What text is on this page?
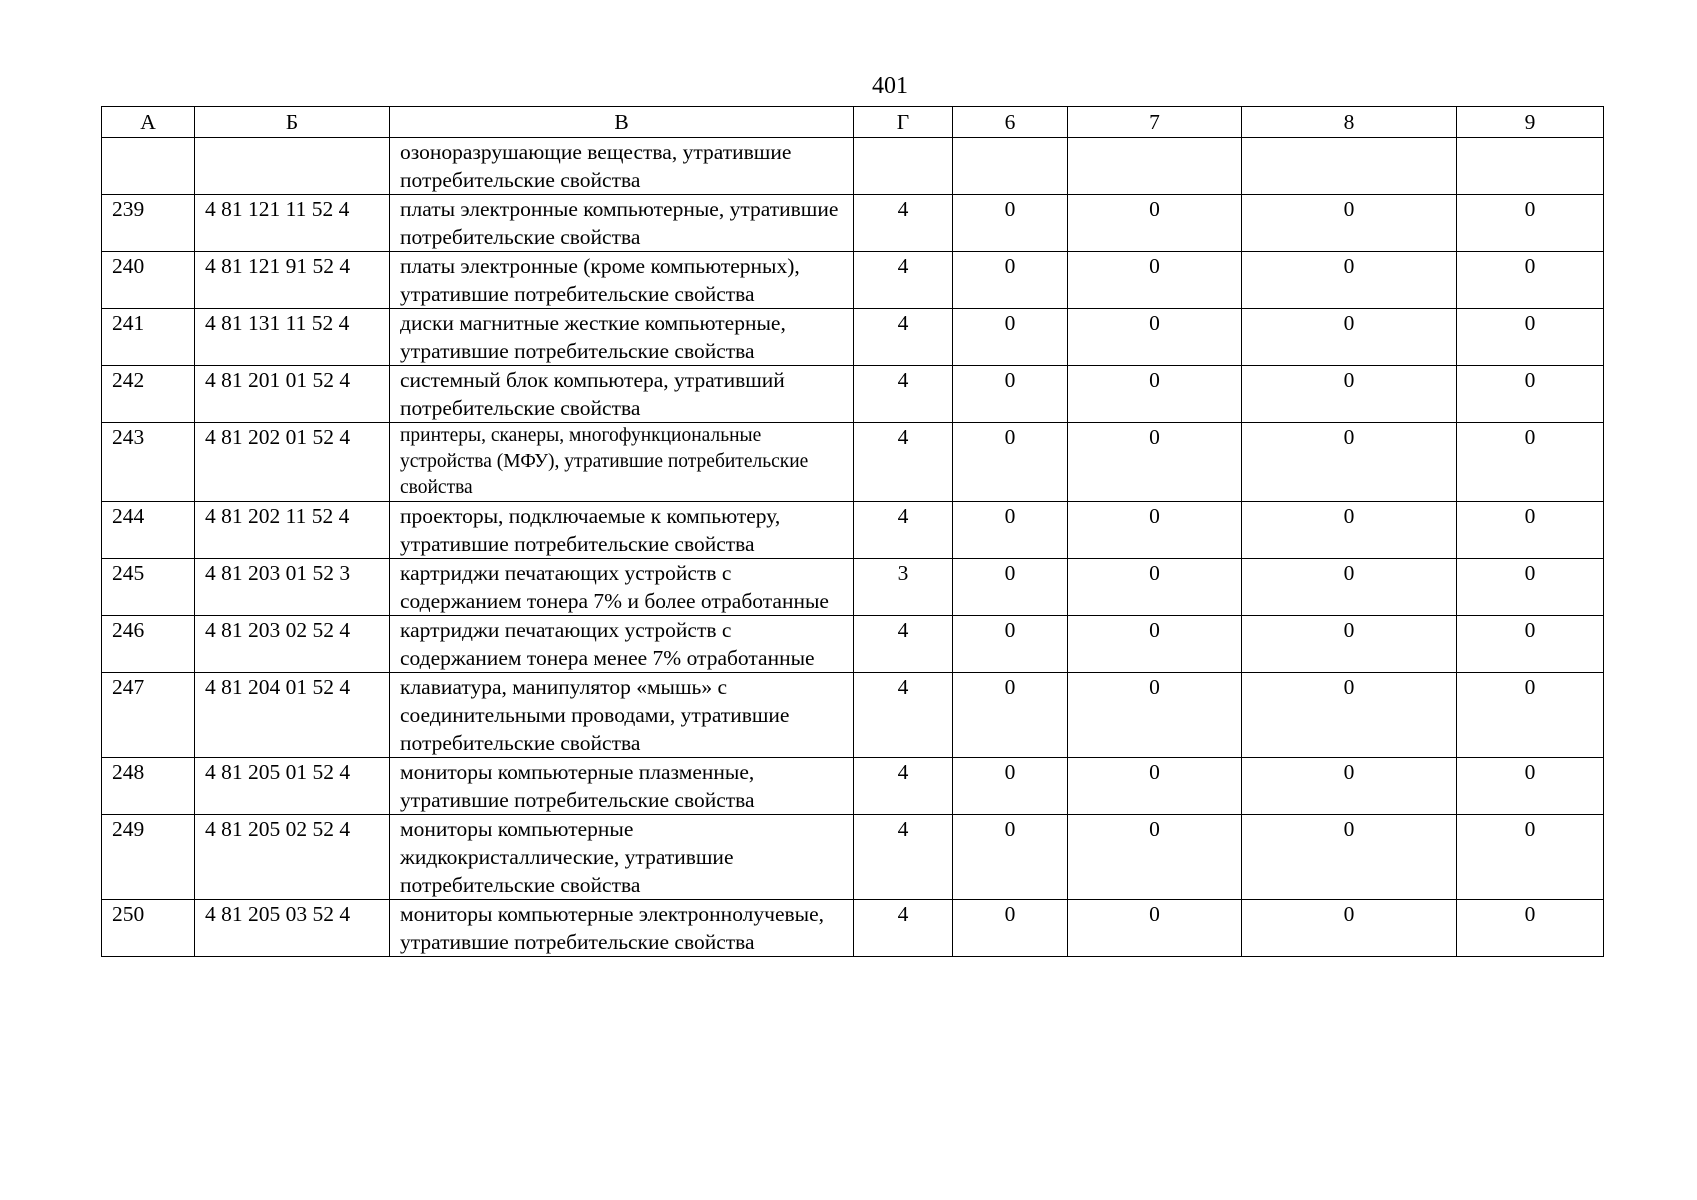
401
А	Б	В	Г	6	7	8	9
		озоноразрушающие вещества, утратившие потребительские свойства					
239	4 81 121 11 52 4	платы электронные компьютерные, утратившие потребительские свойства	4	0	0	0	0
240	4 81 121 91 52 4	платы электронные (кроме компьютерных), утратившие потребительские свойства	4	0	0	0	0
241	4 81 131 11 52 4	диски магнитные жесткие компьютерные, утратившие потребительские свойства	4	0	0	0	0
242	4 81 201 01 52 4	системный блок компьютера, утративший потребительские свойства	4	0	0	0	0
243	4 81 202 01 52 4	принтеры, сканеры, многофункциональные устройства (МФУ), утратившие потребительские свойства	4	0	0	0	0
244	4 81 202 11 52 4	проекторы, подключаемые к компьютеру, утратившие потребительские свойства	4	0	0	0	0
245	4 81 203 01 52 3	картриджи печатающих устройств с содержанием тонера 7% и более отработанные	3	0	0	0	0
246	4 81 203 02 52 4	картриджи печатающих устройств с содержанием тонера менее 7% отработанные	4	0	0	0	0
247	4 81 204 01 52 4	клавиатура, манипулятор «мышь» с соединительными проводами, утратившие потребительские свойства	4	0	0	0	0
248	4 81 205 01 52 4	мониторы компьютерные плазменные, утратившие потребительские свойства	4	0	0	0	0
249	4 81 205 02 52 4	мониторы компьютерные жидкокристаллические, утратившие потребительские свойства	4	0	0	0	0
250	4 81 205 03 52 4	мониторы компьютерные электроннолучевые, утратившие потребительские свойства	4	0	0	0	0
